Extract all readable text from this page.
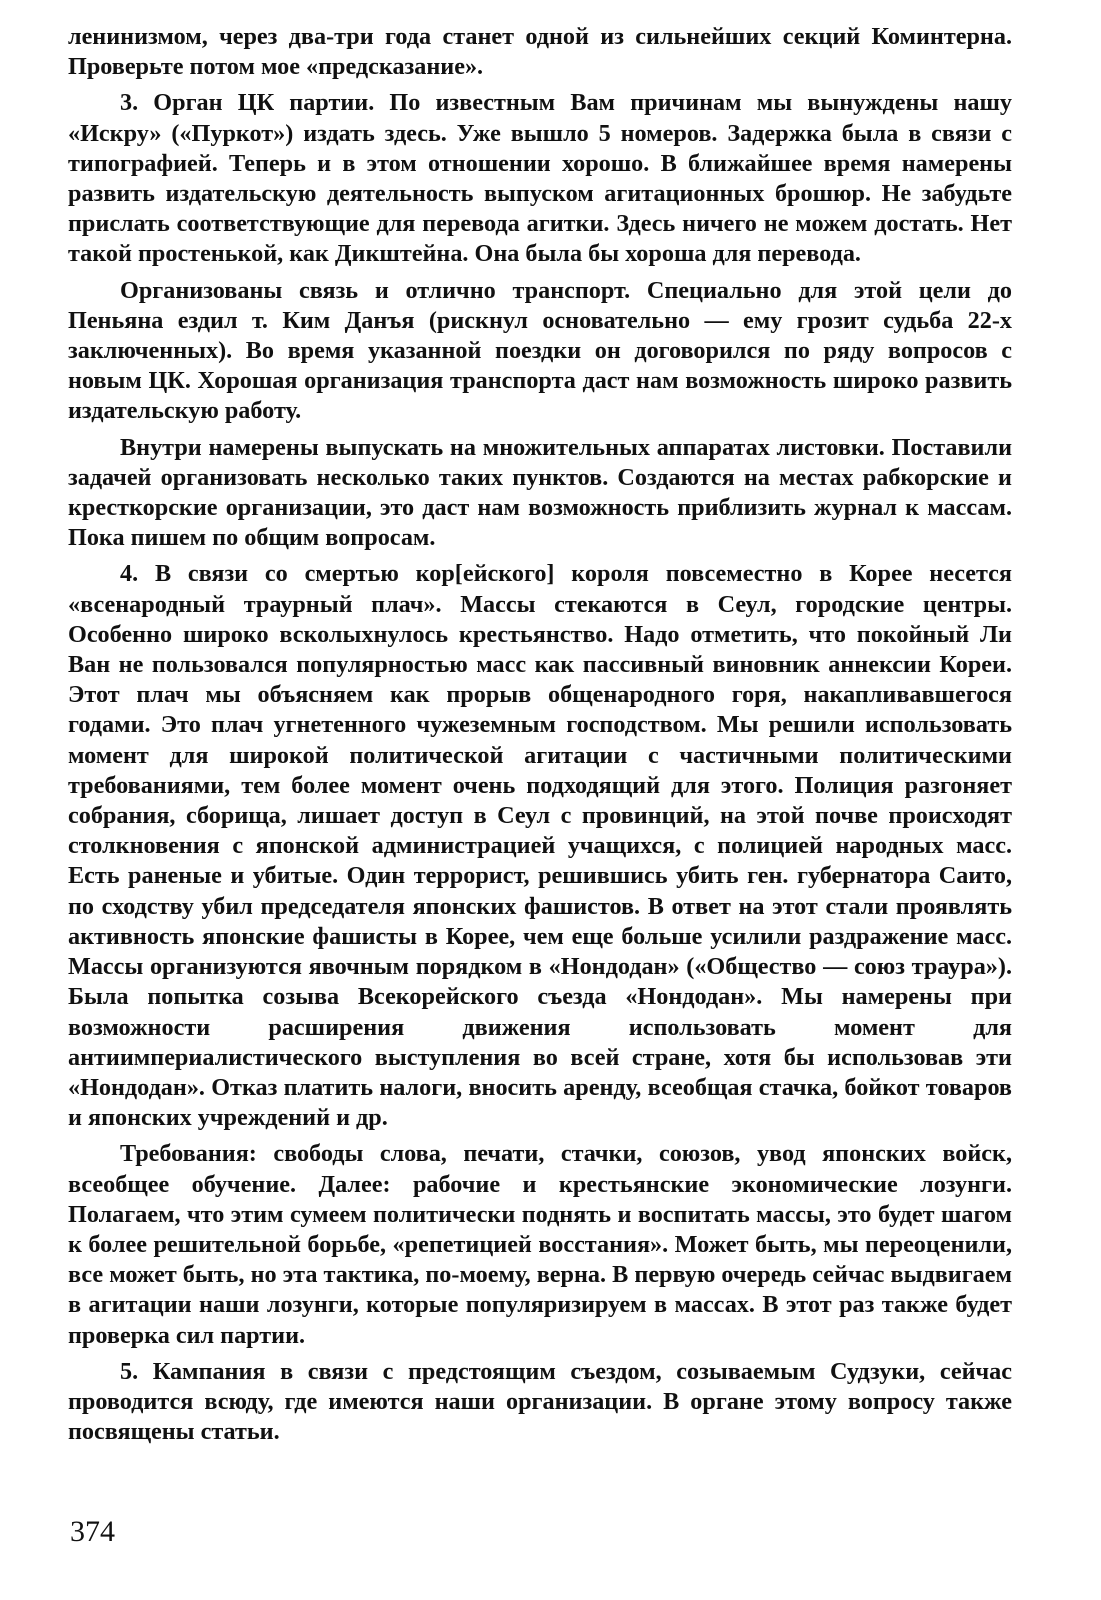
ленинизмом, через два-три года станет одной из сильнейших секций Коминтерна. Проверьте потом мое «предсказание».

3. Орган ЦК партии. По известным Вам причинам мы вынуждены нашу «Искру» («Пуркот») издать здесь. Уже вышло 5 номеров. Задержка была в связи с типографией. Теперь и в этом отношении хорошо. В ближайшее время намерены развить издательскую деятельность выпуском агитационных брошюр. Не забудьте прислать соответствующие для перевода агитки. Здесь ничего не можем достать. Нет такой простенькой, как Дикштейна. Она была бы хороша для перевода.

Организованы связь и отлично транспорт. Специально для этой цели до Пеньяна ездил т. Ким Данъя (рискнул основательно — ему грозит судьба 22-х заключенных). Во время указанной поездки он договорился по ряду вопросов с новым ЦК. Хорошая организация транспорта даст нам возможность широко развить издательскую работу.

Внутри намерены выпускать на множительных аппаратах листовки. Поставили задачей организовать несколько таких пунктов. Создаются на местах рабкорские и кресткорские организации, это даст нам возможность приблизить журнал к массам. Пока пишем по общим вопросам.

4. В связи со смертью кор[ейского] короля повсеместно в Корее несется «всенародный траурный плач». Массы стекаются в Сеул, городские центры. Особенно широко всколыхнулось крестьянство. Надо отметить, что покойный Ли Ван не пользовался популярностью масс как пассивный виновник аннексии Кореи. Этот плач мы объясняем как прорыв общенародного горя, накапливавшегося годами. Это плач угнетенного чужеземным господством. Мы решили использовать момент для широкой политической агитации с частичными политическими требованиями, тем более момент очень подходящий для этого. Полиция разгоняет собрания, сборища, лишает доступ в Сеул с провинций, на этой почве происходят столкновения с японской администрацией учащихся, с полицией народных масс. Есть раненые и убитые. Один террорист, решившись убить ген. губернатора Саито, по сходству убил председателя японских фашистов. В ответ на этот стали проявлять активность японские фашисты в Корее, чем еще больше усилили раздражение масс. Массы организуются явочным порядком в «Нондодан» («Общество — союз траура»). Была попытка созыва Всекорейского съезда «Нондодан». Мы намерены при возможности расширения движения использовать момент для антиимпериалистического выступления во всей стране, хотя бы использовав эти «Нондодан». Отказ платить налоги, вносить аренду, всеобщая стачка, бойкот товаров и японских учреждений и др.

Требования: свободы слова, печати, стачки, союзов, увод японских войск, всеобщее обучение. Далее: рабочие и крестьянские экономические лозунги. Полагаем, что этим сумеем политически поднять и воспитать массы, это будет шагом к более решительной борьбе, «репетицией восстания». Может быть, мы переоценили, все может быть, но эта тактика, по-моему, верна. В первую очередь сейчас выдвигаем в агитации наши лозунги, которые популяризируем в массах. В этот раз также будет проверка сил партии.

5. Кампания в связи с предстоящим съездом, созываемым Судзуки, сейчас проводится всюду, где имеются наши организации. В органе этому вопросу также посвящены статьи.

374
